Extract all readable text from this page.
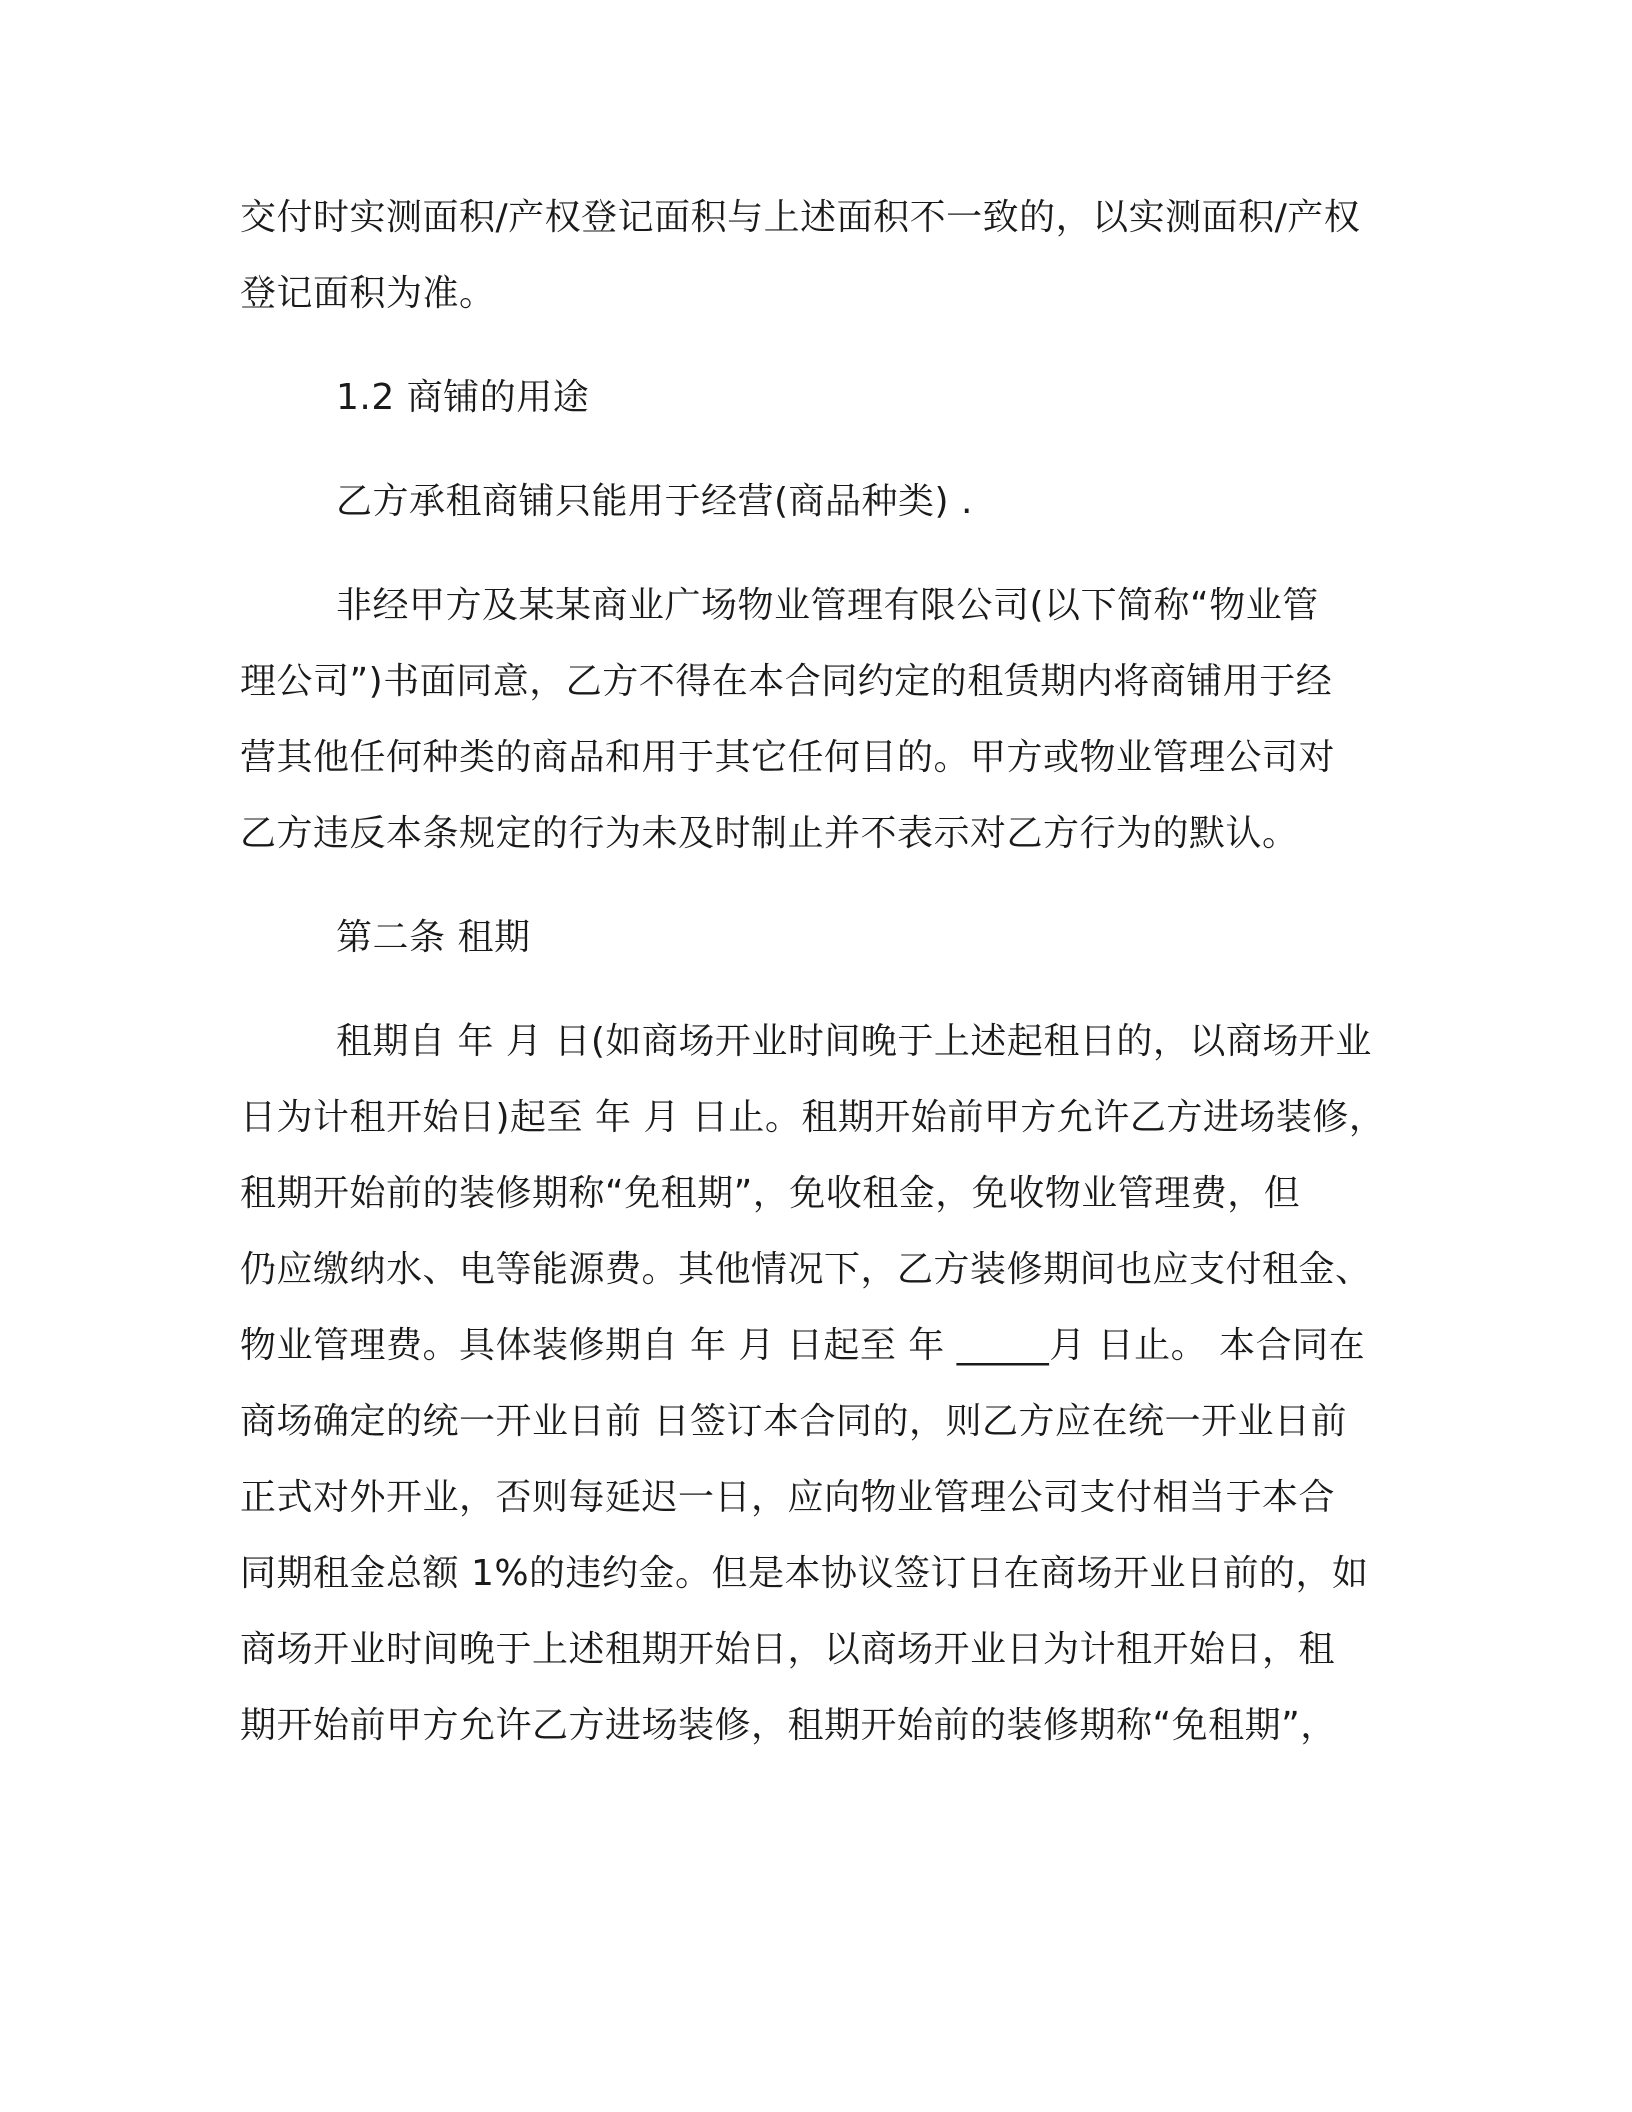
交付时实测面积/产权登记面积与上述面积不一致的，以实测面积/产权
登记面积为准。
1.2 商铺的用途
乙方承租商铺只能用于经营(商品种类) .
非经甲方及某某商业广场物业管理有限公司(以下简称“物业管
理公司”)书面同意，乙方不得在本合同约定的租赁期内将商铺用于经
营其他任何种类的商品和用于其它任何目的。甲方或物业管理公司对
乙方违反本条规定的行为未及时制止并不表示对乙方行为的默认。
第二条 租期
租期自 年 月 日(如商场开业时间晚于上述起租日的，以商场开业
日为计租开始日)起至 年 月 日止。租期开始前甲方允许乙方进场装修，
租期开始前的装修期称“免租期”，免收租金，免收物业管理费，但
仍应缴纳水、电等能源费。其他情况下，乙方装修期间也应支付租金、
物业管理费。具体装修期自 年 月 日起至 年 _____月 日止。 本合同在
商场确定的统一开业日前 日签订本合同的，则乙方应在统一开业日前
正式对外开业，否则每延迟一日，应向物业管理公司支付相当于本合
同期租金总额 1%的违约金。但是本协议签订日在商场开业日前的，如
商场开业时间晚于上述租期开始日，以商场开业日为计租开始日，租
期开始前甲方允许乙方进场装修，租期开始前的装修期称“免租期”，
